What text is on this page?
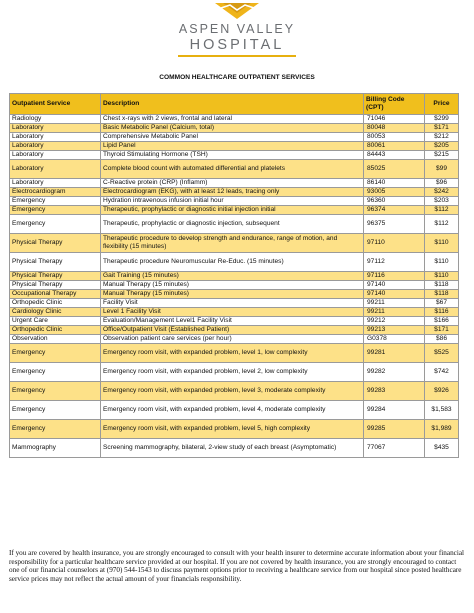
ASPEN VALLEY
HOSPITAL
COMMON HEALTHCARE OUTPATIENT SERVICES
Outpatient Service	Description	Billing Code (CPT)	Price
Radiology	Chest x-rays with 2 views, frontal and lateral	71046	$299
Laboratory	Basic Metabolic Panel (Calcium, total)	80048	$171
Laboratory	Comprehensive Metabolic Panel	80053	$212
Laboratory	Lipid Panel	80061	$205
Laboratory	Thyroid Stimulating Hormone (TSH)	84443	$215
Laboratory	Complete blood count with automated differential and platelets	85025	$99
Laboratory	C-Reactive protein (CRP) (Inflamm)	86140	$96
Electrocardiogram	Electrocardiogram (EKG), with at least 12 leads, tracing only	93005	$242
Emergency	Hydration intravenous infusion initial hour	96360	$203
Emergency	Therapeutic, prophylactic or diagnostic initial injection initial	96374	$112
Emergency	Therapeutic, prophylactic or diagnostic injection, subsequent	96375	$112
Physical Therapy	Therapeutic procedure to develop strength and endurance, range of motion, and flexibility (15 minutes)	97110	$110
Physical Therapy	Therapeutic procedure Neuromuscular Re-Educ. (15 minutes)	97112	$110
Physical Therapy	Gait Training (15 minutes)	97116	$110
Physical Therapy	Manual Therapy (15 minutes)	97140	$118
Occupational Therapy	Manual Therapy (15 minutes)	97140	$118
Orthopedic Clinic	Facility Visit	99211	$67
Cardiology Clinic	Level 1 Facility Visit	99211	$116
Urgent Care	Evaluation/Management Level1 Facility Visit	99212	$166
Orthopedic Clinic	Office/Outpatient Visit (Established Patient)	99213	$171
Observation	Observation patient care services (per hour)	G0378	$86
Emergency	Emergency room visit, with expanded problem, level 1, low complexity	99281	$525
Emergency	Emergency room visit, with expanded problem, level 2, low complexity	99282	$742
Emergency	Emergency room visit, with expanded problem, level 3, moderate complexity	99283	$926
Emergency	Emergency room visit, with expanded problem, level 4, moderate complexity	99284	$1,583
Emergency	Emergency room visit, with expanded problem, level 5, high complexity	99285	$1,989
Mammography	Screening mammography, bilateral, 2-view study of each breast (Asymptomatic)	77067	$435
If you are covered by health insurance, you are strongly encouraged to consult with your health insurer to determine accurate information about your financial responsibility for a particular healthcare service provided at our hospital. If you are not covered by health insurance, you are strongly encouraged to contact one of our financial counselors at (970) 544-1543 to discuss payment options prior to receiving a healthcare service from our hospital since posted healthcare service prices may not reflect the actual amount of your financials responsibility.
